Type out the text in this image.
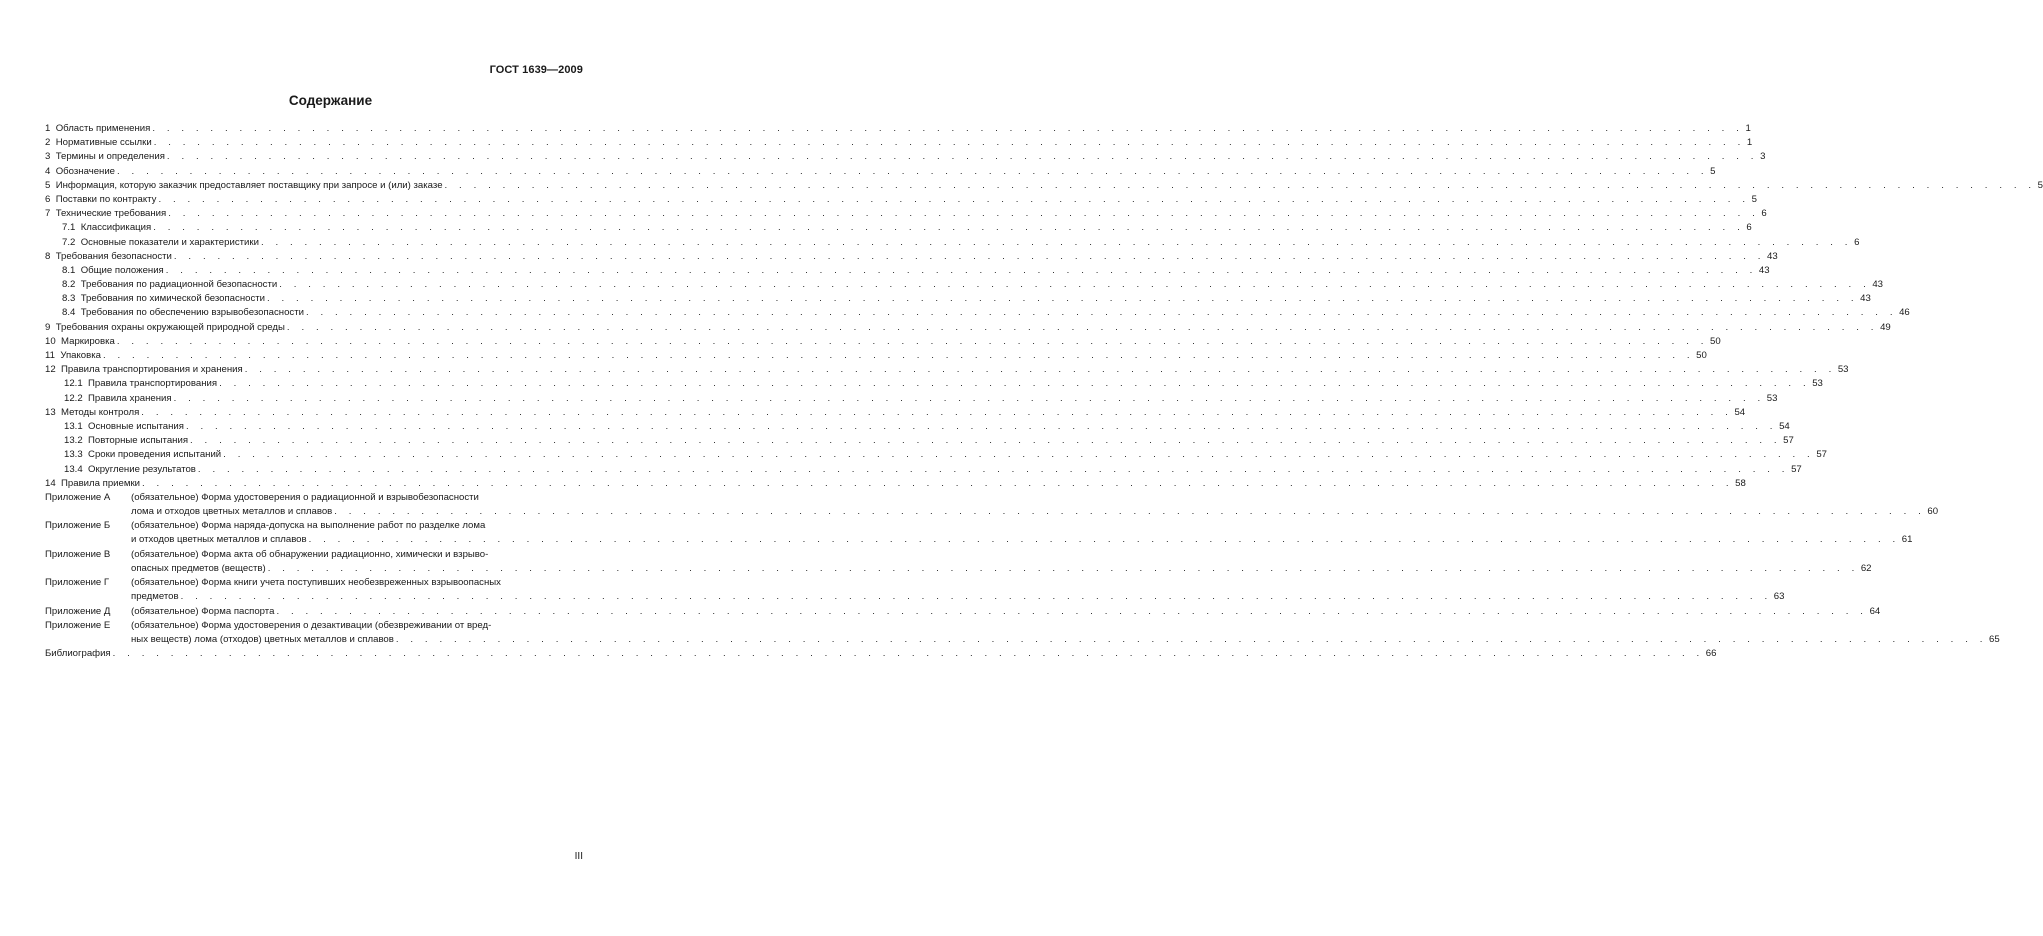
ГОСТ 1639—2009
Содержание
1 Область применения . . . . . . . . . . . . . . . . . . . . . . . . . . . . . . . . . . . . . . . . . . . . . . . . . . . . . . . . . . . . . . . . . . . . . . . . . . . . . . . . . . . . . . . . . . . . . . . . . . . . . . . . . . . . . . 1
2 Нормативные ссылки . . . . . . . . . . . . . . . . . . . . . . . . . . . . . . . . . . . . . . . . . . . . . . . . . . . . . . . . . . . . . . . . . . . . . . . . . . . . . . . . . . . . . . . . . . . . . . . . . . . . . . . . . . . . . . 1
3 Термины и определения . . . . . . . . . . . . . . . . . . . . . . . . . . . . . . . . . . . . . . . . . . . . . . . . . . . . . . . . . . . . . . . . . . . . . . . . . . . . . . . . . . . . . . . . . . . . . . . . . . . . . . . . . . . . . . 3
4 Обозначение . . . . . . . . . . . . . . . . . . . . . . . . . . . . . . . . . . . . . . . . . . . . . . . . . . . . . . . . . . . . . . . . . . . . . . . . . . . . . . . . . . . . . . . . . . . . . . . . . . . . . . . . . . . . . . 5
5 Информация, которую заказчик предоставляет поставщику при запросе и (или) заказе . . . . . . . . . . . . . . . . . . . . . . . . . . . . . . . . . . . . . . . . . . . . . . . . . . . . . . . . . . . . . . . . . . . . . . . . . . . . . . . . . . . . . . . . . . . . . . . . . . . . . . . . . . . . . . 5
6 Поставки по контракту . . . . . . . . . . . . . . . . . . . . . . . . . . . . . . . . . . . . . . . . . . . . . . . . . . . . . . . . . . . . . . . . . . . . . . . . . . . . . . . . . . . . . . . . . . . . . . . . . . . . . . . . . . . . . . 5
7 Технические требования . . . . . . . . . . . . . . . . . . . . . . . . . . . . . . . . . . . . . . . . . . . . . . . . . . . . . . . . . . . . . . . . . . . . . . . . . . . . . . . . . . . . . . . . . . . . . . . . . . . . . . . . . . . . . . 6
7.1 Классификация . . . . . . . . . . . . . . . . . . . . . . . . . . . . . . . . . . . . . . . . . . . . . . . . . . . . . . . . . . . . . . . . . . . . . . . . . . . . . . . . . . . . . . . . . . . . . . . . . . . . . . . . . . . . . . 6
7.2 Основные показатели и характеристики . . . . . . . . . . . . . . . . . . . . . . . . . . . . . . . . . . . . . . . . . . . . . . . . . . . . . . . . . . . . . . . . . . . . . . . . . . . . . . . . . . . . . . . . . . . . . . . . . . . . . . . . . . . . . . 6
8 Требования безопасности . . . . . . . . . . . . . . . . . . . . . . . . . . . . . . . . . . . . . . . . . . . . . . . . . . . . . . . . . . . . . . . . . . . . . . . . . . . . . . . . . . . . . . . . . . . . . . . . . . . . . . . . . . . . . . 43
8.1 Общие положения . . . . . . . . . . . . . . . . . . . . . . . . . . . . . . . . . . . . . . . . . . . . . . . . . . . . . . . . . . . . . . . . . . . . . . . . . . . . . . . . . . . . . . . . . . . . . . . . . . . . . . . . . . . . . . 43
8.2 Требования по радиационной безопасности . . . . . . . . . . . . . . . . . . . . . . . . . . . . . . . . . . . . . . . . . . . . . . . . . . . . . . . . . . . . . . . . . . . . . . . . . . . . . . . . . . . . . . . . . . . . . . . . . . . . . . . . . . . . . . 43
8.3 Требования по химической безопасности . . . . . . . . . . . . . . . . . . . . . . . . . . . . . . . . . . . . . . . . . . . . . . . . . . . . . . . . . . . . . . . . . . . . . . . . . . . . . . . . . . . . . . . . . . . . . . . . . . . . . . . . . . . . . . 43
8.4 Требования по обеспечению взрывобезопасности . . . . . . . . . . . . . . . . . . . . . . . . . . . . . . . . . . . . . . . . . . . . . . . . . . . . . . . . . . . . . . . . . . . . . . . . . . . . . . . . . . . . . . . . . . . . . . . . . . . . . . . . . . . . . . 46
9 Требования охраны окружающей природной среды . . . . . . . . . . . . . . . . . . . . . . . . . . . . . . . . . . . . . . . . . . . . . . . . . . . . . . . . . . . . . . . . . . . . . . . . . . . . . . . . . . . . . . . . . . . . . . . . . . . . . . . . . . . . . . 49
10 Маркировка . . . . . . . . . . . . . . . . . . . . . . . . . . . . . . . . . . . . . . . . . . . . . . . . . . . . . . . . . . . . . . . . . . . . . . . . . . . . . . . . . . . . . . . . . . . . . . . . . . . . . . . . . . . . . . 50
11 Упаковка . . . . . . . . . . . . . . . . . . . . . . . . . . . . . . . . . . . . . . . . . . . . . . . . . . . . . . . . . . . . . . . . . . . . . . . . . . . . . . . . . . . . . . . . . . . . . . . . . . . . . . . . . . . . . . 50
12 Правила транспортирования и хранения . . . . . . . . . . . . . . . . . . . . . . . . . . . . . . . . . . . . . . . . . . . . . . . . . . . . . . . . . . . . . . . . . . . . . . . . . . . . . . . . . . . . . . . . . . . . . . . . . . . . . . . . . . . . . . 53
12.1 Правила транспортирования . . . . . . . . . . . . . . . . . . . . . . . . . . . . . . . . . . . . . . . . . . . . . . . . . . . . . . . . . . . . . . . . . . . . . . . . . . . . . . . . . . . . . . . . . . . . . . . . . . . . . . . . . . . . . . 53
12.2 Правила хранения . . . . . . . . . . . . . . . . . . . . . . . . . . . . . . . . . . . . . . . . . . . . . . . . . . . . . . . . . . . . . . . . . . . . . . . . . . . . . . . . . . . . . . . . . . . . . . . . . . . . . . . . . . . . . . 53
13 Методы контроля . . . . . . . . . . . . . . . . . . . . . . . . . . . . . . . . . . . . . . . . . . . . . . . . . . . . . . . . . . . . . . . . . . . . . . . . . . . . . . . . . . . . . . . . . . . . . . . . . . . . . . . . . . . . . . 54
13.1 Основные испытания . . . . . . . . . . . . . . . . . . . . . . . . . . . . . . . . . . . . . . . . . . . . . . . . . . . . . . . . . . . . . . . . . . . . . . . . . . . . . . . . . . . . . . . . . . . . . . . . . . . . . . . . . . . . . . 54
13.2 Повторные испытания . . . . . . . . . . . . . . . . . . . . . . . . . . . . . . . . . . . . . . . . . . . . . . . . . . . . . . . . . . . . . . . . . . . . . . . . . . . . . . . . . . . . . . . . . . . . . . . . . . . . . . . . . . . . . . 57
13.3 Сроки проведения испытаний . . . . . . . . . . . . . . . . . . . . . . . . . . . . . . . . . . . . . . . . . . . . . . . . . . . . . . . . . . . . . . . . . . . . . . . . . . . . . . . . . . . . . . . . . . . . . . . . . . . . . . . . . . . . . . 57
13.4 Округление результатов . . . . . . . . . . . . . . . . . . . . . . . . . . . . . . . . . . . . . . . . . . . . . . . . . . . . . . . . . . . . . . . . . . . . . . . . . . . . . . . . . . . . . . . . . . . . . . . . . . . . . . . . . . . . . . 57
14 Правила приемки . . . . . . . . . . . . . . . . . . . . . . . . . . . . . . . . . . . . . . . . . . . . . . . . . . . . . . . . . . . . . . . . . . . . . . . . . . . . . . . . . . . . . . . . . . . . . . . . . . . . . . . . . . . . . . 58
Приложение А	(обязательное) Форма удостоверения о радиационной и взрывобезопасности
лома и отходов цветных металлов и сплавов . . . . . . . . . . . . . . . . . . . . . . . . . . . . . . . . . . . . . . . . . . . . . . . . . . . . . . . . . . . . . . . . . . . . . . . . . . . . . . . . . . . . . . . . . . . . . . . . . . . . . . . . . . . . . . 60
Приложение Б	(обязательное) Форма наряда-допуска на выполнение работ по разделке лома
и отходов цветных металлов и сплавов . . . . . . . . . . . . . . . . . . . . . . . . . . . . . . . . . . . . . . . . . . . . . . . . . . . . . . . . . . . . . . . . . . . . . . . . . . . . . . . . . . . . . . . . . . . . . . . . . . . . . . . . . . . . . . 61
Приложение В	(обязательное) Форма акта об обнаружении радиационно, химически и взрыво-
опасных предметов (веществ) . . . . . . . . . . . . . . . . . . . . . . . . . . . . . . . . . . . . . . . . . . . . . . . . . . . . . . . . . . . . . . . . . . . . . . . . . . . . . . . . . . . . . . . . . . . . . . . . . . . . . . . . . . . . . . 62
Приложение Г	(обязательное) Форма книги учета поступивших необезвреженных взрывоопасных
предметов . . . . . . . . . . . . . . . . . . . . . . . . . . . . . . . . . . . . . . . . . . . . . . . . . . . . . . . . . . . . . . . . . . . . . . . . . . . . . . . . . . . . . . . . . . . . . . . . . . . . . . . . . . . . . . 63
Приложение Д	(обязательное) Форма паспорта . . . . . . . . . . . . . . . . . . . . . . . . . . . . . . . . . . . . . . . . . . . . . . . . . . . . . . . . . . . . . . . . . . . . . . . . . . . . . . . . . . . . . . . . . . . . . . . . . . . . . . . . . . . . . . 64
Приложение Е	(обязательное) Форма удостоверения о дезактивации (обезвреживании от вред-
ных веществ) лома (отходов) цветных металлов и сплавов . . . . . . . . . . . . . . . . . . . . . . . . . . . . . . . . . . . . . . . . . . . . . . . . . . . . . . . . . . . . . . . . . . . . . . . . . . . . . . . . . . . . . . . . . . . . . . . . . . . . . . . . . . . . . . 65
Библиография . . . . . . . . . . . . . . . . . . . . . . . . . . . . . . . . . . . . . . . . . . . . . . . . . . . . . . . . . . . . . . . . . . . . . . . . . . . . . . . . . . . . . . . . . . . . . . . . . . . . . . . . . . . . . . 66
III
